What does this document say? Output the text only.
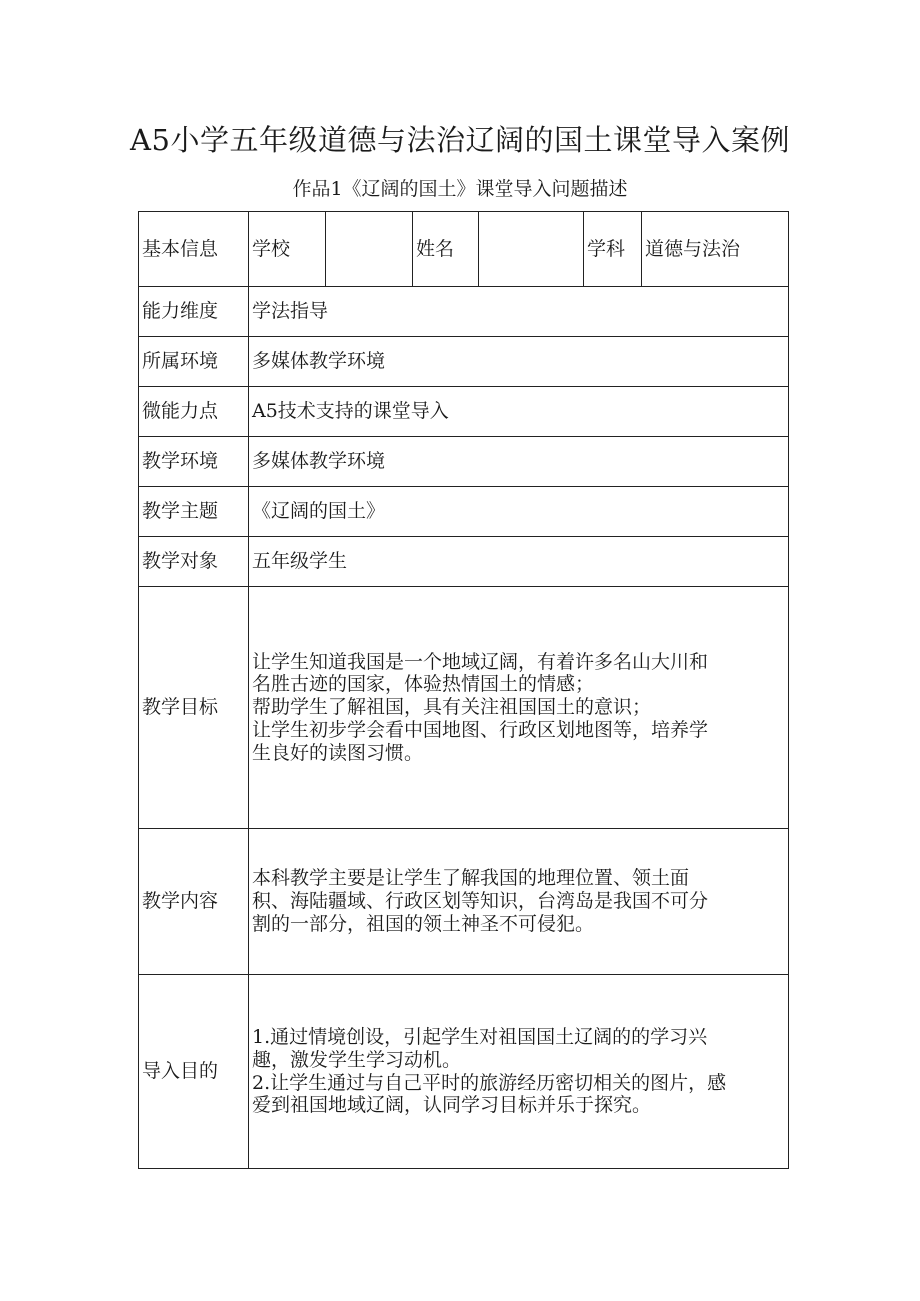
A5小学五年级道德与法治辽阔的国土课堂导入案例
作品1《辽阔的国土》课堂导入问题描述
基本信息	学校		姓名		学科	道德与法治
能力维度	学法指导					
所属环境	多媒体教学环境					
微能力点	A5技术支持的课堂导入					
教学环境	多媒体教学环境					
教学主题	《辽阔的国土》					
教学对象	五年级学生					
教学目标	让学生知道我国是一个地域辽阔，有着许多名山大川和
名胜古迹的国家，体验热情国土的情感；
帮助学生了解祖国，具有关注祖国国土的意识；
让学生初步学会看中国地图、行政区划地图等，培养学
生良好的读图习惯。					

教学内容	本科教学主要是让学生了解我国的地理位置、领土面
积、海陆疆域、行政区划等知识，台湾岛是我国不可分
割的一部分，祖国的领土神圣不可侵犯。					

导入目的	1.通过情境创设，引起学生对祖国国土辽阔的的学习兴
趣，激发学生学习动机。
2.让学生通过与自己平时的旅游经历密切相关的图片，感
爱到祖国地域辽阔，认同学习目标并乐于探究。					
